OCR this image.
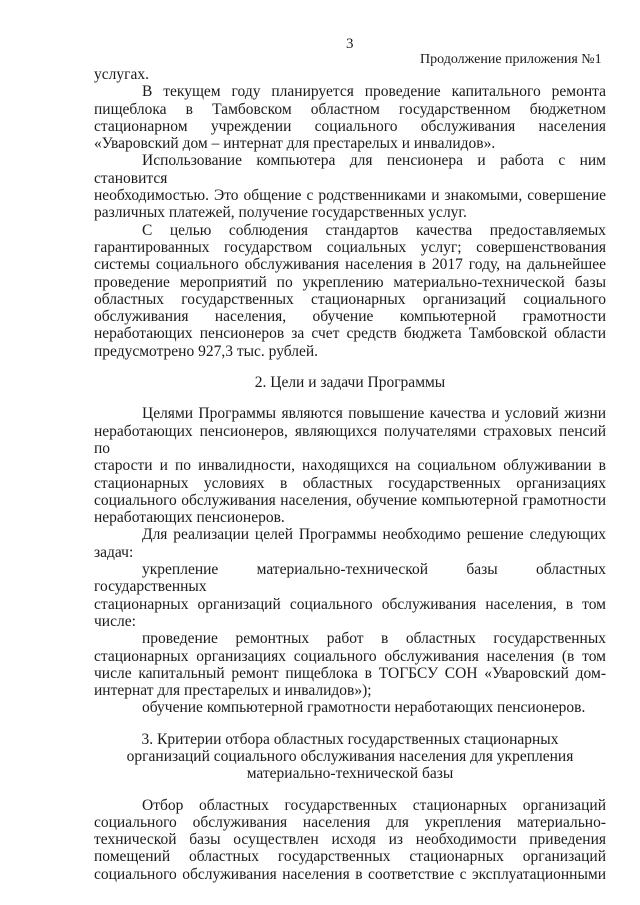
3
Продолжение приложения №1

услугах.

В текущем году планируется проведение капитального ремонта

пищеблока в Тамбовском областном государственном бюджетном

стационарном учреждении социального обслуживания населения

«Уваровский дом – интернат для престарелых и инвалидов».

Использование компьютера для пенсионера и работа с ним становится

необходимостью. Это общение с родственниками и знакомыми, совершение

различных платежей, получение государственных услуг.

С целью соблюдения стандартов качества предоставляемых

гарантированных государством социальных услуг; совершенствования

системы социального обслуживания населения в 2017 году, на дальнейшее

проведение мероприятий по укреплению материально-технической базы

областных государственных стационарных организаций социального

обслуживания населения, обучение компьютерной грамотности

неработающих пенсионеров за счет средств бюджета Тамбовской области

предусмотрено 927,3 тыс. рублей.

2. Цели и задачи Программы

Целями Программы являются повышение качества и условий жизни

неработающих пенсионеров, являющихся получателями страховых пенсий по

старости и по инвалидности, находящихся на социальном облуживании в

стационарных условиях в областных государственных организациях

социального обслуживания населения, обучение компьютерной грамотности

неработающих пенсионеров.

Для реализации целей Программы необходимо решение следующих

задач:

укрепление материально-технической базы областных государственных

стационарных организаций социального обслуживания населения, в том

числе:

проведение ремонтных работ в областных государственных

стационарных организациях социального обслуживания населения (в том

числе капитальный ремонт пищеблока в ТОГБСУ СОН «Уваровский дом-

интернат для престарелых и инвалидов»);

обучение компьютерной грамотности неработающих пенсионеров.

3. Критерии отбора областных государственных стационарных

организаций социального обслуживания населения для укрепления

материально-технической базы

Отбор областных государственных стационарных организаций

социального обслуживания населения для укрепления материально-

технической базы осуществлен исходя из необходимости приведения

помещений областных государственных стационарных организаций

социального обслуживания населения в соответствие с эксплуатационными
